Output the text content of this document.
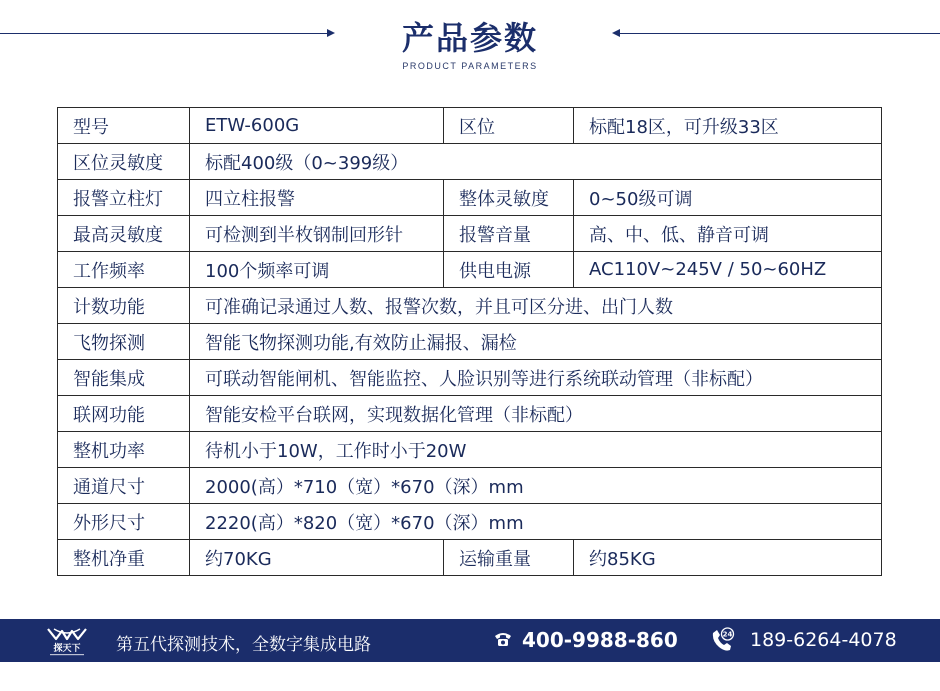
产品参数
PRODUCT PARAMETERS
型号	ETW-600G	区位	标配18区，可升级33区
区位灵敏度	标配400级（0~399级）		
报警立柱灯	四立柱报警	整体灵敏度	0~50级可调
最高灵敏度	可检测到半枚钢制回形针	报警音量	高、中、低、静音可调
工作频率	100个频率可调	供电电源	AC110V~245V / 50~60HZ
计数功能	可准确记录通过人数、报警次数，并且可区分进、出门人数		
飞物探测	智能飞物探测功能,有效防止漏报、漏检		
智能集成	可联动智能闸机、智能监控、人脸识别等进行系统联动管理（非标配）		
联网功能	智能安检平台联网，实现数据化管理（非标配）		
整机功率	待机小于10W，工作时小于20W		
通道尺寸	2000(高）*710（宽）*670（深）mm		
外形尺寸	2220(高）*820（宽）*670（深）mm		
整机净重	约70KG	运输重量	约85KG
探天下 第五代探测技术，全数字集成电路	400-9988-860	24 189-6264-4078
